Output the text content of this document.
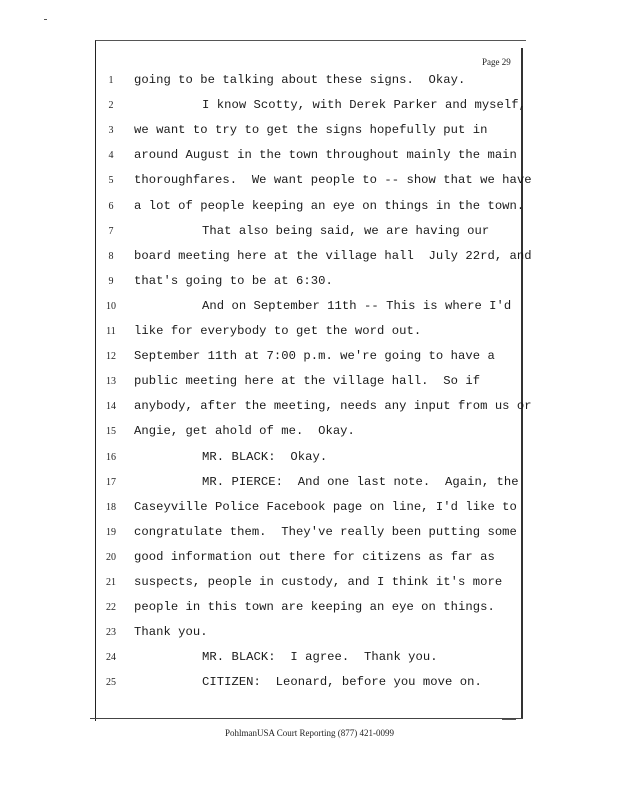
Page 29
1	going to be talking about these signs.  Okay.
2	I know Scotty, with Derek Parker and myself,
3	we want to try to get the signs hopefully put in
4	around August in the town throughout mainly the main
5	thoroughfares.  We want people to -- show that we have
6	a lot of people keeping an eye on things in the town.
7	That also being said, we are having our
8	board meeting here at the village hall  July 22rd, and
9	that's going to be at 6:30.
10	And on September 11th -- This is where I'd
11	like for everybody to get the word out.
12	September 11th at 7:00 p.m. we're going to have a
13	public meeting here at the village hall.  So if
14	anybody, after the meeting, needs any input from us or
15	Angie, get ahold of me.  Okay.
16	MR. BLACK:  Okay.
17	MR. PIERCE:  And one last note.  Again, the
18	Caseyville Police Facebook page on line, I'd like to
19	congratulate them.  They've really been putting some
20	good information out there for citizens as far as
21	suspects, people in custody, and I think it's more
22	people in this town are keeping an eye on things.
23	Thank you.
24	MR. BLACK:  I agree.  Thank you.
25	CITIZEN:  Leonard, before you move on.
PohlmanUSA Court Reporting (877) 421-0099
